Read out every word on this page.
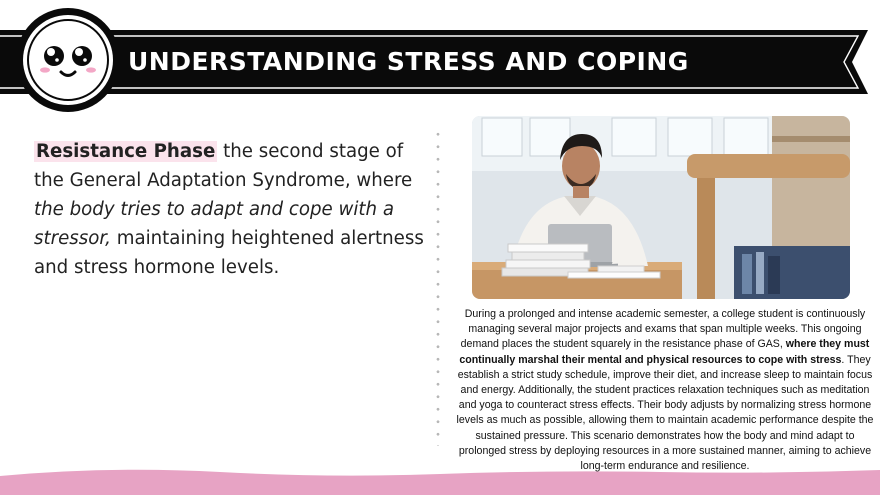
UNDERSTANDING STRESS AND COPING
Resistance Phase the second stage of the General Adaptation Syndrome, where the body tries to adapt and cope with a stressor, maintaining heightened alertness and stress hormone levels.
During a prolonged and intense academic semester, a college student is continuously managing several major projects and exams that span multiple weeks. This ongoing demand places the student squarely in the resistance phase of GAS, where they must continually marshal their mental and physical resources to cope with stress. They establish a strict study schedule, improve their diet, and increase sleep to maintain focus and energy. Additionally, the student practices relaxation techniques such as meditation and yoga to counteract stress effects. Their body adjusts by normalizing stress hormone levels as much as possible, allowing them to maintain academic performance despite the sustained pressure. This scenario demonstrates how the body and mind adapt to prolonged stress by deploying resources in a more sustained manner, aiming to achieve long-term endurance and resilience.
